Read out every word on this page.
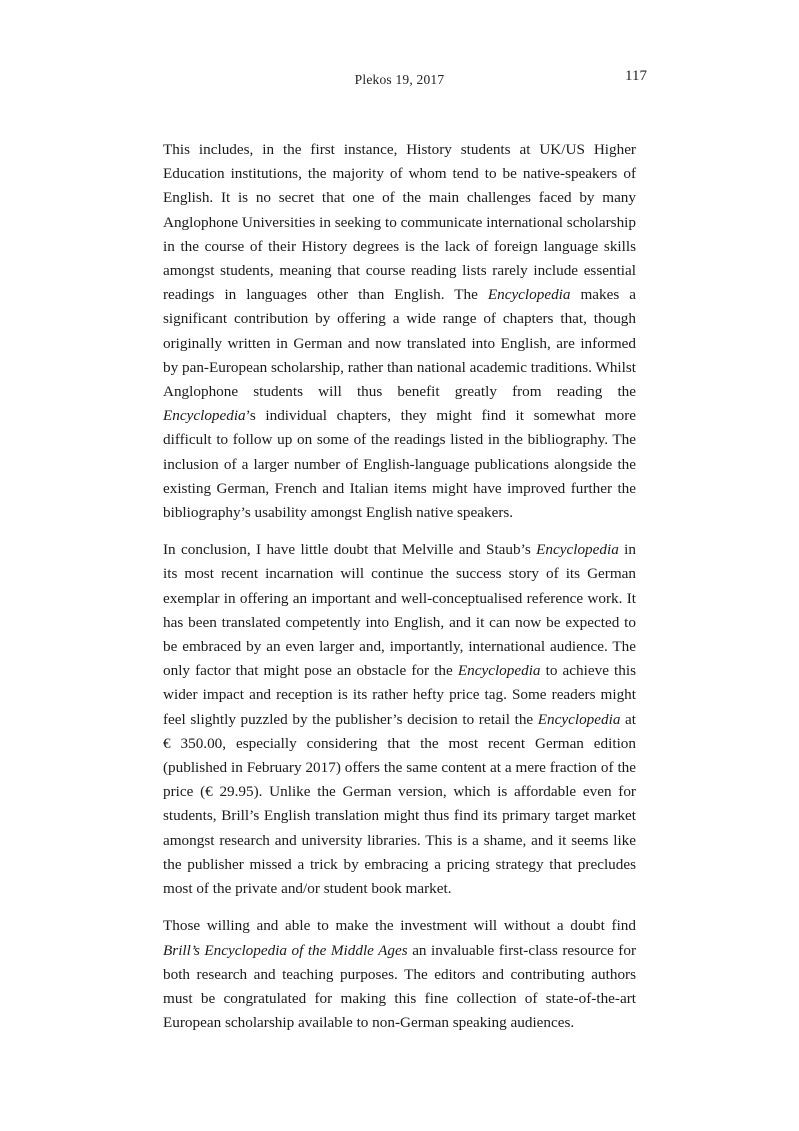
Plekos 19, 2017	117

This includes, in the first instance, History students at UK/US Higher Education institutions, the majority of whom tend to be native-speakers of English. It is no secret that one of the main challenges faced by many Anglophone Universities in seeking to communicate international scholarship in the course of their History degrees is the lack of foreign language skills amongst students, meaning that course reading lists rarely include essential readings in languages other than English. The Encyclopedia makes a significant contribution by offering a wide range of chapters that, though originally written in German and now translated into English, are informed by pan-European scholarship, rather than national academic traditions. Whilst Anglophone students will thus benefit greatly from reading the Encyclopedia’s individual chapters, they might find it somewhat more difficult to follow up on some of the readings listed in the bibliography. The inclusion of a larger number of English-language publications alongside the existing German, French and Italian items might have improved further the bibliography’s usability amongst English native speakers.

In conclusion, I have little doubt that Melville and Staub’s Encyclopedia in its most recent incarnation will continue the success story of its German exemplar in offering an important and well-conceptualised reference work. It has been translated competently into English, and it can now be expected to be embraced by an even larger and, importantly, international audience. The only factor that might pose an obstacle for the Encyclopedia to achieve this wider impact and reception is its rather hefty price tag. Some readers might feel slightly puzzled by the publisher’s decision to retail the Encyclopedia at € 350.00, especially considering that the most recent German edition (published in February 2017) offers the same content at a mere fraction of the price (€ 29.95). Unlike the German version, which is affordable even for students, Brill’s English translation might thus find its primary target market amongst research and university libraries. This is a shame, and it seems like the publisher missed a trick by embracing a pricing strategy that precludes most of the private and/or student book market.

Those willing and able to make the investment will without a doubt find Brill’s Encyclopedia of the Middle Ages an invaluable first-class resource for both research and teaching purposes. The editors and contributing authors must be congratulated for making this fine collection of state-of-the-art European scholarship available to non-German speaking audiences.
